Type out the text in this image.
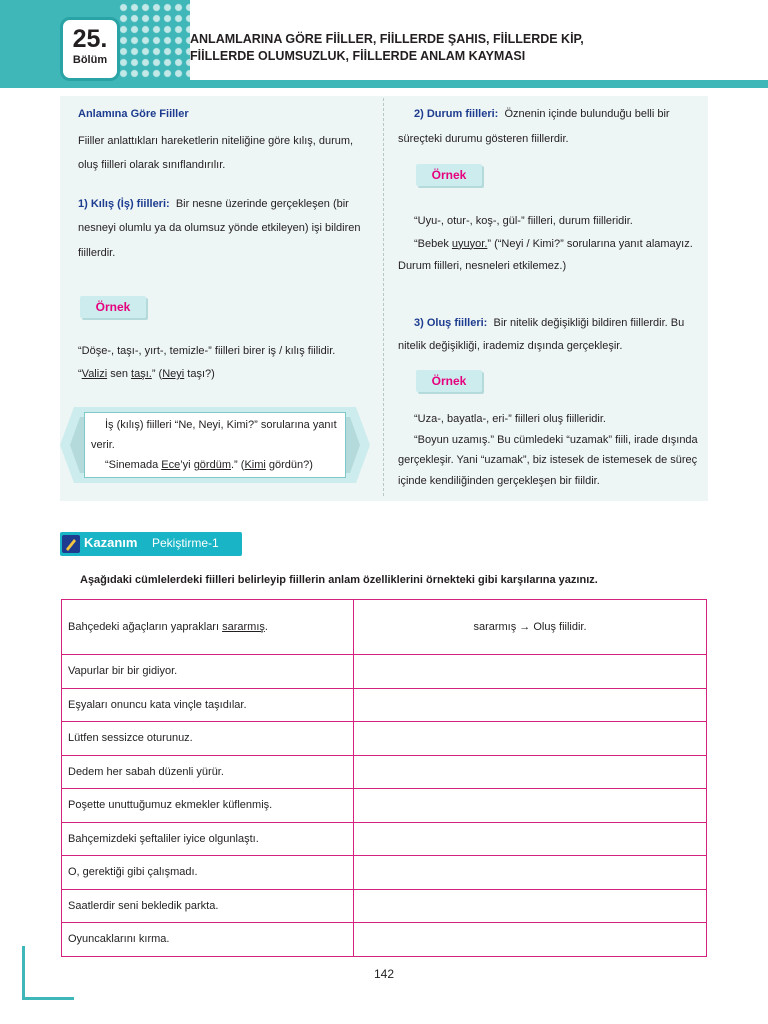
25.
Bölüm
ANLAMLARINA GÖRE FİİLLER, FİİLLERDE ŞAHIS, FİİLLERDE KİP,
FİİLLERDE OLUMSUZLUK, FİİLLERDE ANLAM KAYMASI

Anlamına Göre Fiiller

Fiiller anlattıkları hareketlerin niteliğine göre kılış, durum, oluş fiilleri olarak sınıflandırılır.

1) Kılış (İş) fiilleri: Bir nesne üzerinde gerçekleşen (bir nesneyi olumlu ya da olumsuz yönde etkileyen) işi bildiren fiillerdir.

Örnek

“Döşe-, taşı-, yırt-, temizle-” fiilleri birer iş / kılış fiilidir.

“Valizi sen taşı.” (Neyi taşı?)

İş (kılış) fiilleri “Ne, Neyi, Kimi?” sorularına yanıt verir.
“Sinemada Ece’yi gördüm.” (Kimi gördün?)

2) Durum fiilleri: Öznenin içinde bulunduğu belli bir süreçteki durumu gösteren fiillerdir.

Örnek

“Uyu-, otur-, koş-, gül-” fiilleri, durum fiilleridir.

“Bebek uyuyor.” (“Neyi / Kimi?” sorularına yanıt alamayız. Durum fiilleri, nesneleri etkilemez.)

3) Oluş fiilleri: Bir nitelik değişikliği bildiren fiillerdir. Bu nitelik değişikliği, irademiz dışında gerçekleşir.

Örnek

“Uza-, bayatla-, eri-” fiilleri oluş fiilleridir.

“Boyun uzamış.” Bu cümledeki “uzamak” fiili, irade dışında gerçekleşir. Yani “uzamak”, biz istesek de istemesek de süreç içinde kendiliğinden gerçekleşen bir fiildir.

Kazanım Pekiştirme-1
Aşağıdaki cümlelerdeki fiilleri belirleyip fiillerin anlam özelliklerini örnekteki gibi karşılarına yazınız.
Bahçedeki ağaçların yaprakları sararmış.	sararmış → Oluş fiilidir.
Vapurlar bir bir gidiyor.	
Eşyaları onuncu kata vinçle taşıdılar.	
Lütfen sessizce oturunuz.	
Dedem her sabah düzenli yürür.	
Poşette unuttuğumuz ekmekler küflenmiş.	
Bahçemizdeki şeftaliler iyice olgunlaştı.	
O, gerektiği gibi çalışmadı.	
Saatlerdir seni bekledik parkta.	
Oyuncaklarını kırma.	
142
